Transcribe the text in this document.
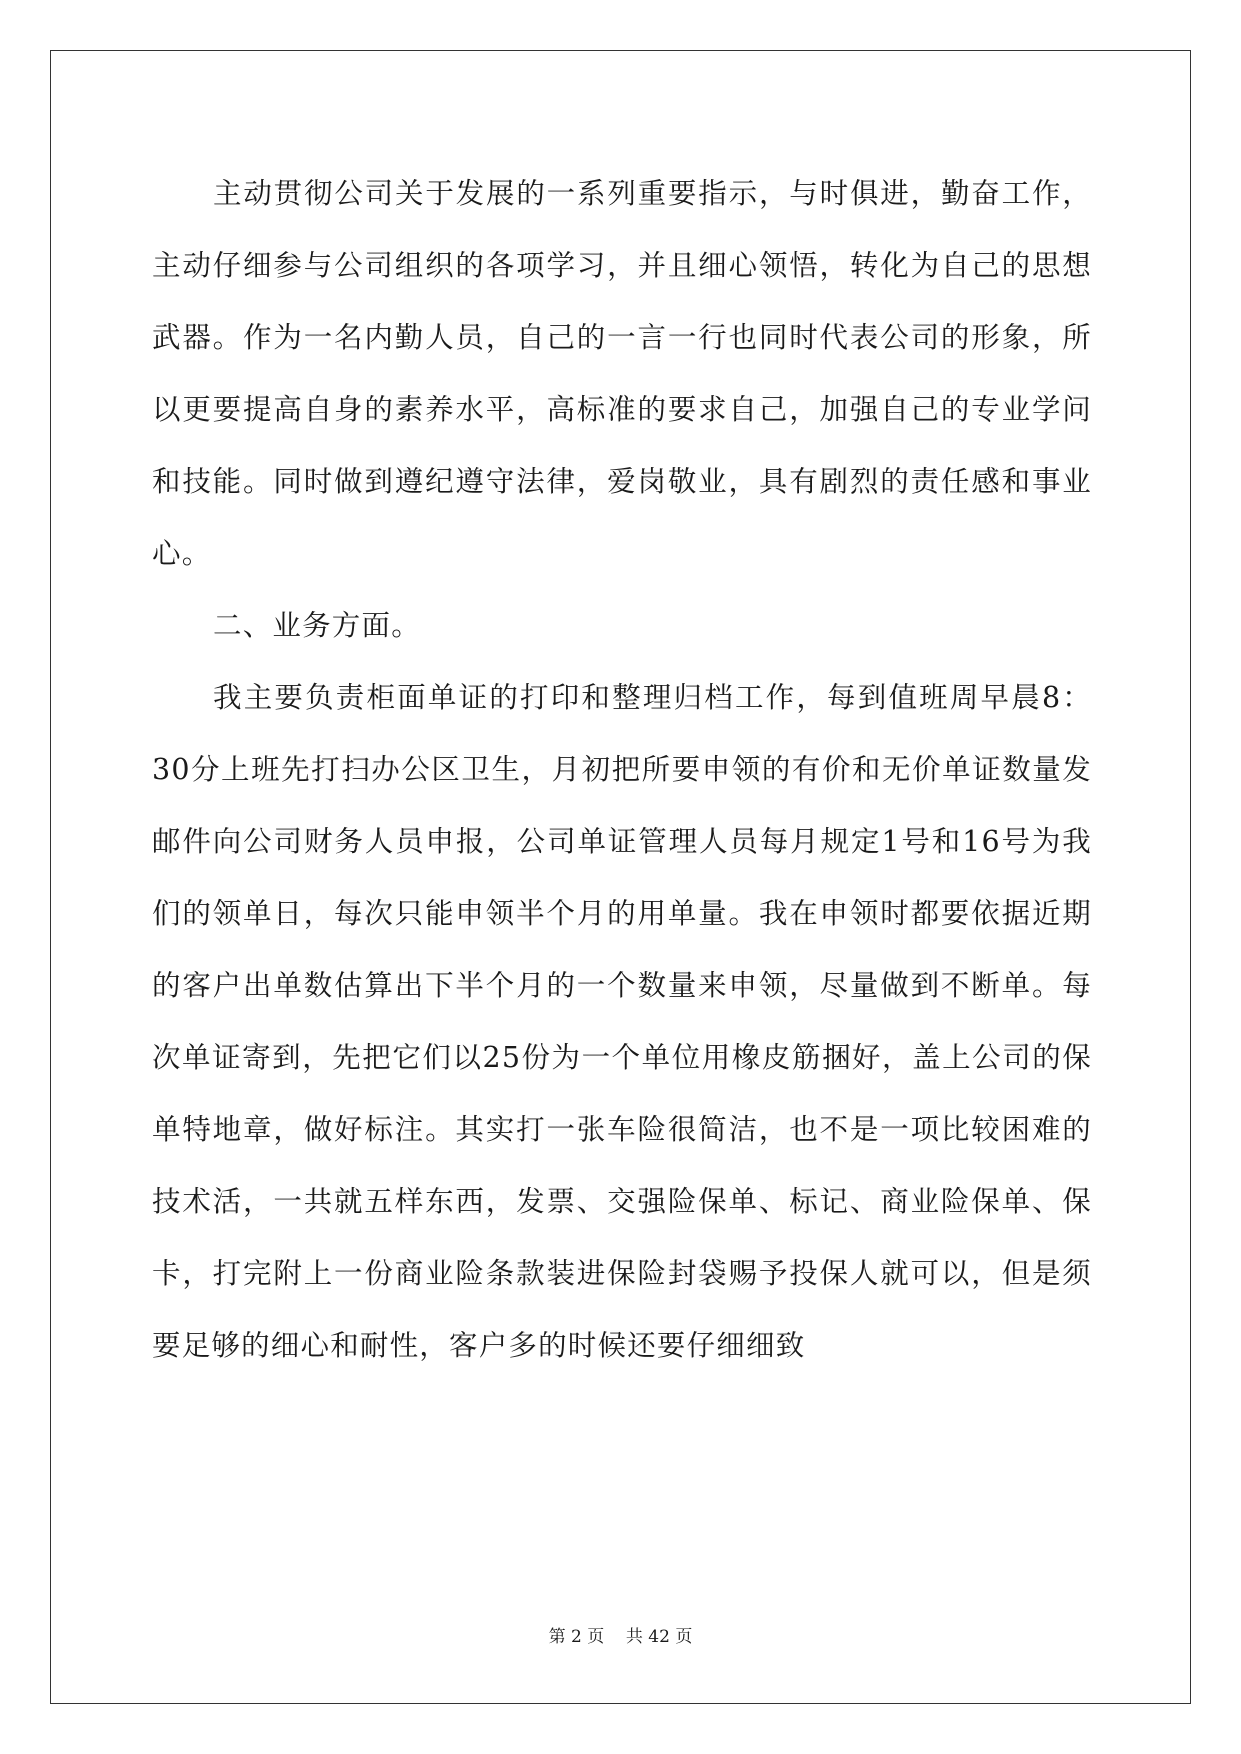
主动贯彻公司关于发展的一系列重要指示，与时俱进，勤奋工作，主动仔细参与公司组织的各项学习，并且细心领悟，转化为自己的思想武器。作为一名内勤人员，自己的一言一行也同时代表公司的形象，所以更要提高自身的素养水平，高标准的要求自己，加强自己的专业学问和技能。同时做到遵纪遵守法律，爱岗敬业，具有剧烈的责任感和事业心。

二、业务方面。

我主要负责柜面单证的打印和整理归档工作，每到值班周早晨8：30分上班先打扫办公区卫生，月初把所要申领的有价和无价单证数量发邮件向公司财务人员申报，公司单证管理人员每月规定1号和16号为我们的领单日，每次只能申领半个月的用单量。我在申领时都要依据近期的客户出单数估算出下半个月的一个数量来申领，尽量做到不断单。每次单证寄到，先把它们以25份为一个单位用橡皮筋捆好，盖上公司的保单特地章，做好标注。其实打一张车险很简洁，也不是一项比较困难的技术活，一共就五样东西，发票、交强险保单、标记、商业险保单、保卡，打完附上一份商业险条款装进保险封袋赐予投保人就可以，但是须要足够的细心和耐性，客户多的时候还要仔细细致

第 2 页 共 42 页
